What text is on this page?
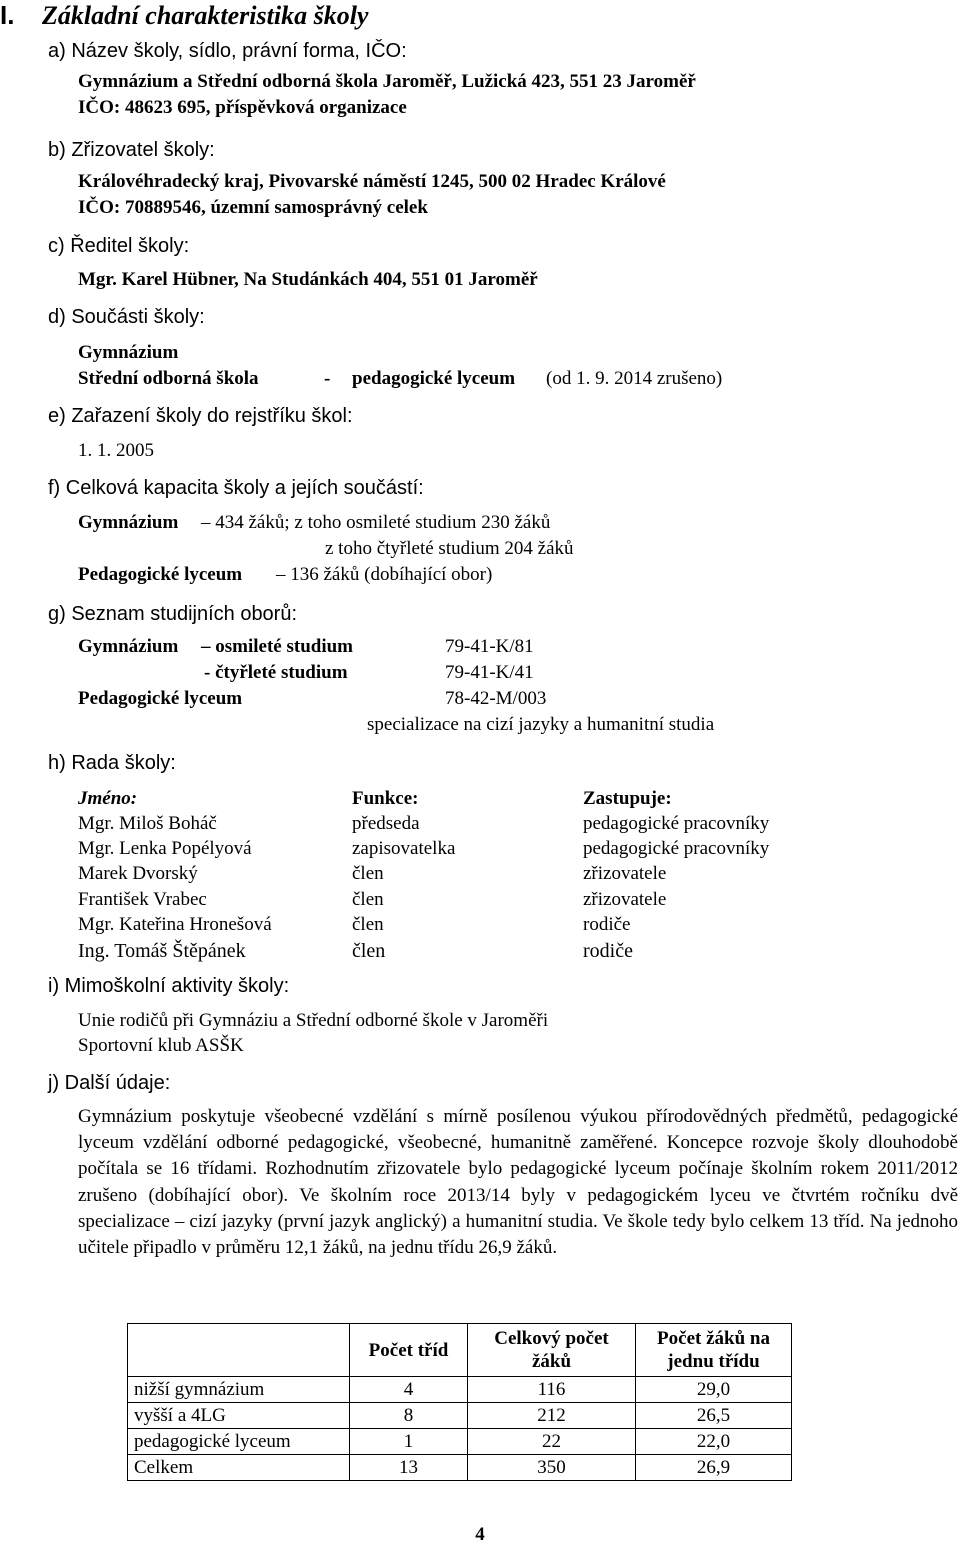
I. Základní charakteristika školy
a) Název školy, sídlo, právní forma, IČO:
Gymnázium a Střední odborná škola Jaroměř, Lužická 423, 551 23 Jaroměř
IČO: 48623 695, příspěvková organizace
b) Zřizovatel školy:
Královéhradecký kraj, Pivovarské náměstí 1245, 500 02 Hradec Králové
IČO: 70889546, územní samosprávný celek
c) Ředitel školy:
Mgr. Karel Hübner, Na Studánkách 404, 551 01 Jaroměř
d) Součásti školy:
Gymnázium
Střední odborná škola	- pedagogické lyceum (od 1. 9. 2014 zrušeno)
e) Zařazení školy do rejstříku škol:
1. 1. 2005
f) Celková kapacita školy a jejích součástí:
Gymnázium – 434 žáků; z toho osmileté studium 230 žáků
z toho čtyřleté studium 204 žáků
Pedagogické lyceum – 136 žáků (dobíhající obor)
g) Seznam studijních oborů:
Gymnázium – osmileté studium	79-41-K/81
- čtyřleté studium	79-41-K/41
Pedagogické lyceum	78-42-M/003
specializace na cizí jazyky a humanitní studia
h) Rada školy:
Jméno:	Funkce:	Zastupuje:
Mgr. Miloš Boháč	předseda	pedagogické pracovníky
Mgr. Lenka Popélyová	zapisovatelka	pedagogické pracovníky
Marek Dvorský	člen	zřizovatele
František Vrabec	člen	zřizovatele
Mgr. Kateřina Hronešová	člen	rodiče
Ing. Tomáš Štěpánek	člen	rodiče
i) Mimoškolní aktivity školy:
Unie rodičů při Gymnáziu a Střední odborné škole v Jaroměři
Sportovní klub ASŠK
j) Další údaje:
Gymnázium poskytuje všeobecné vzdělání s mírně posílenou výukou přírodovědných předmětů, pedagogické lyceum vzdělání odborné pedagogické, všeobecné, humanitně zaměřené. Koncepce rozvoje školy dlouhodobě počítala se 16 třídami. Rozhodnutím zřizovatele bylo pedagogické lyceum počínaje školním rokem 2011/2012 zrušeno (dobíhající obor). Ve školním roce 2013/14 byly v pedagogickém lyceu ve čtvrtém ročníku dvě specializace – cizí jazyky (první jazyk anglický) a humanitní studia. Ve škole tedy bylo celkem 13 tříd. Na jednoho učitele připadlo v průměru 12,1 žáků, na jednu třídu 26,9 žáků.
	Počet tříd	Celkový počet žáků	Počet žáků na jednu třídu
nižší gymnázium	4	116	29,0
vyšší a 4LG	8	212	26,5
pedagogické lyceum	1	22	22,0
Celkem	13	350	26,9
4
